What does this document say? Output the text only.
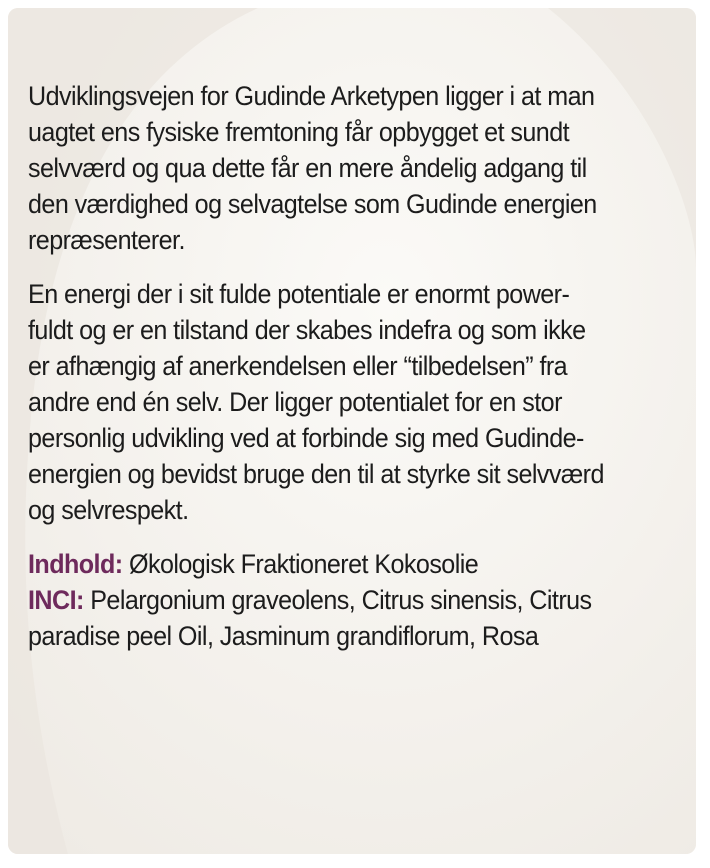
Udviklingsvejen for Gudinde Arketypen ligger i at man
uagtet ens fysiske fremtoning får opbygget et sundt
selvværd og qua dette får en mere åndelig adgang til
den værdighed og selvagtelse som Gudinde energien
repræsenterer.

En energi der i sit fulde potentiale er enormt power-
fuldt og er en tilstand der skabes indefra og som ikke
er afhængig af anerkendelsen eller “tilbedelsen” fra
andre end én selv. Der ligger potentialet for en stor
personlig udvikling ved at forbinde sig med Gudinde-
energien og bevidst bruge den til at styrke sit selvværd
og selvrespekt.

Indhold: Økologisk Fraktioneret Kokosolie
INCI: Pelargonium graveolens, Citrus sinensis, Citrus
paradise peel Oil, Jasminum grandiflorum, Rosa
